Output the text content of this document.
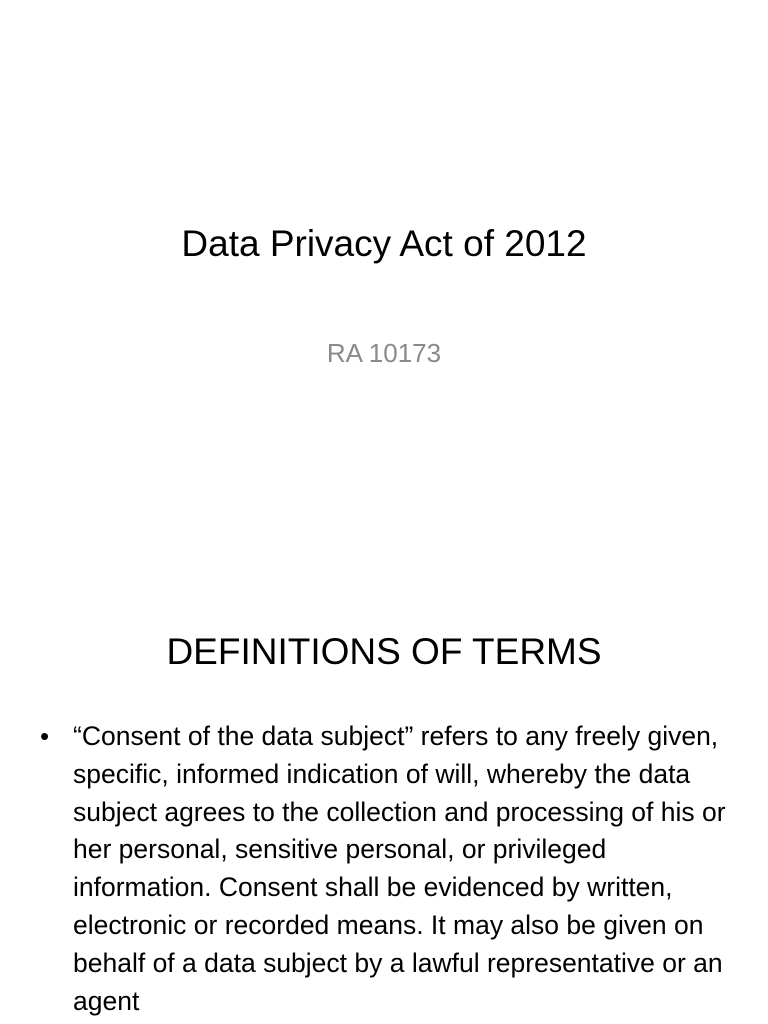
Data Privacy Act of 2012
RA 10173
DEFINITIONS OF TERMS
• “Consent of the data subject” refers to any freely given, specific, informed indication of will, whereby the data subject agrees to the collection and processing of his or her personal, sensitive personal, or privileged information. Consent shall be evidenced by written, electronic or recorded means. It may also be given on behalf of a data subject by a lawful representative or an agent
